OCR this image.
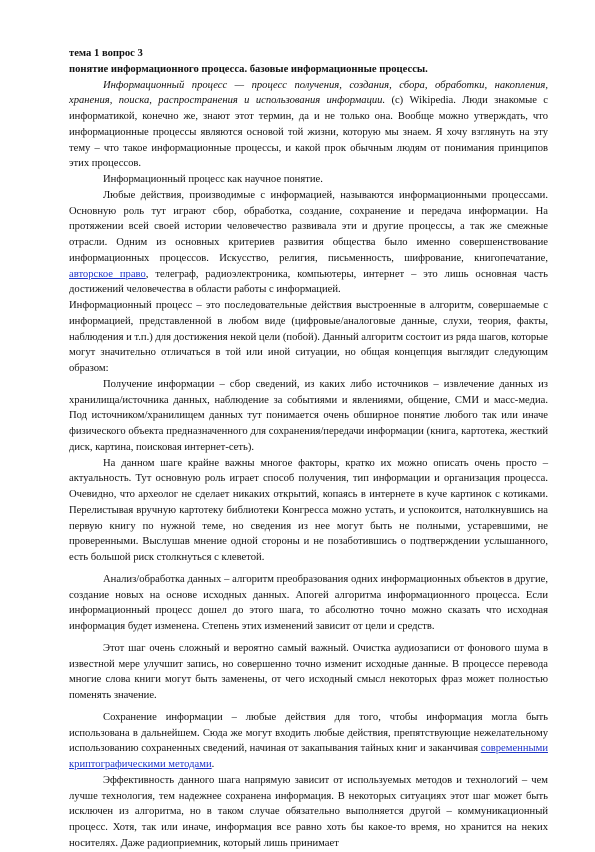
тема 1 вопрос 3

понятие информационного процесса. базовые информационные процессы.

Информационный процесс — процесс получения, создания, сбора, обработки, накопления, хранения, поиска, распространения и использования информации. (с) Wikipedia. Люди знакомые с информатикой, конечно же, знают этот термин, да и не только она. Вообще можно утверждать, что информационные процессы являются основой той жизни, которую мы знаем. Я хочу взглянуть на эту тему – что такое информационные процессы, и какой прок обычным людям от понимания принципов этих процессов.

Информационный процесс как научное понятие.

Любые действия, производимые с информацией, называются информационными процессами. Основную роль тут играют сбор, обработка, создание, сохранение и передача информации. На протяжении всей своей истории человечество развивала эти и другие процессы, а так же смежные отрасли. Одним из основных критериев развития общества было именно совершенствование информационных процессов. Искусство, религия, письменность, шифрование, книгопечатание, авторское право, телеграф, радиоэлектроника, компьютеры, интернет – это лишь основная часть достижений человечества в области работы с информацией.

Информационный процесс – это последовательные действия выстроенные в алгоритм, совершаемые с информацией, представленной в любом виде (цифровые/аналоговые данные, слухи, теория, факты, наблюдения и т.п.) для достижения некой цели (побой). Данный алгоритм состоит из ряда шагов, которые могут значительно отличаться в той или иной ситуации, но общая концепция выглядит следующим образом:

Получение информации – сбор сведений, из каких либо источников – извлечение данных из хранилища/источника данных, наблюдение за событиями и явлениями, общение, СМИ и масс-медиа. Под источником/хранилищем данных тут понимается очень обширное понятие любого так или иначе физического объекта предназначенного для сохранения/передачи информации (книга, картотека, жесткий диск, картина, поисковая интернет-сеть).

На данном шаге крайне важны многое факторы, кратко их можно описать очень просто – актуальность. Тут основную роль играет способ получения, тип информации и организация процесса. Очевидно, что археолог не сделает никаких открытий, копаясь в интернете в куче картинок с котиками. Перелистывая вручную картотеку библиотеки Конгресса можно устать, и успокоится, натолкнувшись на первую книгу по нужной теме, но сведения из нее могут быть не полными, устаревшими, не проверенными. Выслушав мнение одной стороны и не позаботившись о подтверждении услышанного, есть большой риск столкнуться с клеветой.

Анализ/обработка данных – алгоритм преобразования одних информационных объектов в другие, создание новых на основе исходных данных. Апогей алгоритма информационного процесса. Если информационный процесс дошел до этого шага, то абсолютно точно можно сказать что исходная информация будет изменена. Степень этих изменений зависит от цели и средств.

Этот шаг очень сложный и вероятно самый важный. Очистка аудиозаписи от фонового шума в известной мере улучшит запись, но совершенно точно изменит исходные данные. В процессе перевода многие слова книги могут быть заменены, от чего исходный смысл некоторых фраз может полностью поменять значение.

Сохранение информации – любые действия для того, чтобы информация могла быть использована в дальнейшем. Сюда же могут входить любые действия, препятствующие нежелательному использованию сохраненных сведений, начиная от закапывания тайных книг и заканчивая современными криптографическими методами.

Эффективность данного шага напрямую зависит от используемых методов и технологий – чем лучше технология, тем надежнее сохранена информация. В некоторых ситуациях этот шаг может быть исключен из алгоритма, но в таком случае обязательно выполняется другой – коммуникационный процесс. Хотя, так или иначе, информация все равно хоть бы какое-то время, но хранится на неких носителях. Даже радиоприемник, который лишь принимает
